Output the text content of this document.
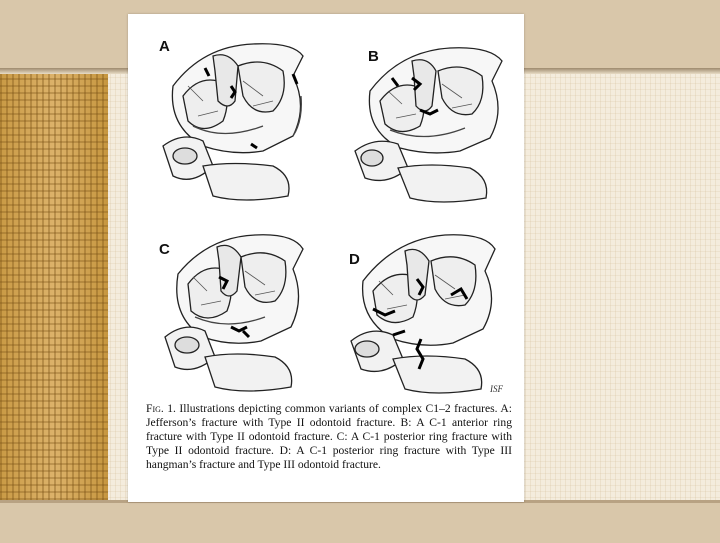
A
B
C
D
ISF
Fig. 1. Illustrations depicting common variants of complex C1–2 fractures. A: Jefferson’s fracture with Type II odontoid fracture. B: A C-1 anterior ring fracture with Type II odontoid fracture. C: A C-1 posterior ring fracture with Type II odontoid fracture. D: A C-1 posterior ring fracture with Type III hangman’s fracture and Type III odontoid fracture.
